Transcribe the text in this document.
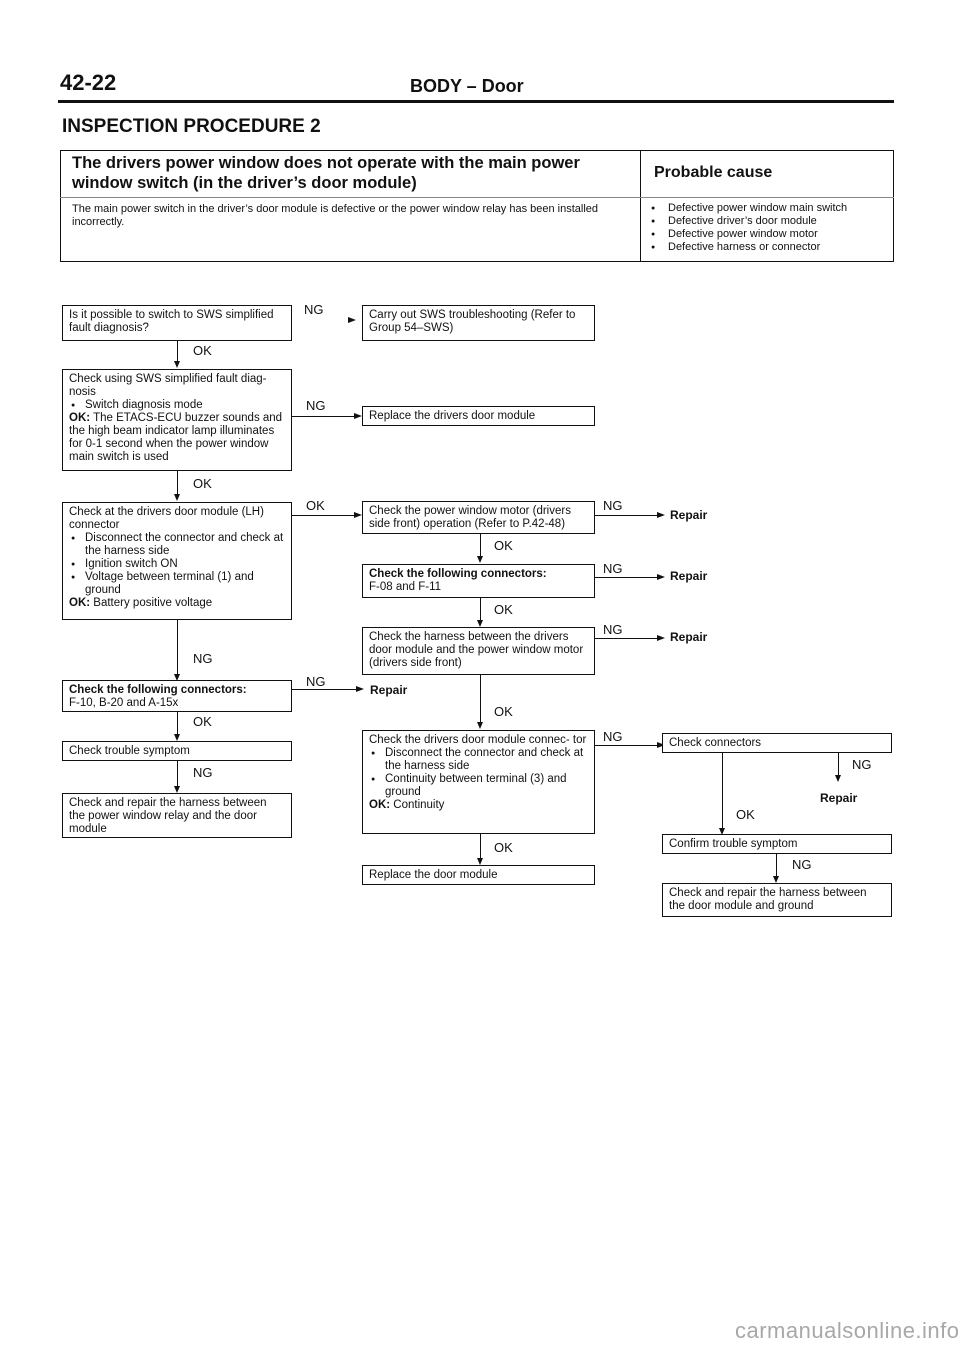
42-22	BODY – Door
INSPECTION PROCEDURE 2
The drivers power window does not operate with the main power window switch (in the driver’s door module)
Probable cause
The main power switch in the driver’s door module is defective or the power window relay has been installed incorrectly.
● Defective power window main switch
● Defective driver’s door module
● Defective power window motor
● Defective harness or connector
Is it possible to switch to SWS simplified fault diagnosis?
NG
OK
Check using SWS simplified fault diag-
nosis
● Switch diagnosis mode
OK: The ETACS-ECU buzzer sounds and the high beam indicator lamp illuminates for 0-1 second when the power window main switch is used
NG
OK
Check at the drivers door module (LH)
connector
● Disconnect the connector and check at the harness side
● Ignition switch ON
● Voltage between terminal (1) and ground
OK: Battery positive voltage
OK
NG
Check the following connectors:
F-10, B-20 and A-15x
NG
Repair
OK
Check trouble symptom
NG
Check and repair the harness between the power window relay and the door module
Carry out SWS troubleshooting (Refer to Group 54–SWS)
Replace the drivers door module
Check the power window motor (drivers side front) operation (Refer to P.42-48)
NG
Repair
OK
Check the following connectors:
F-08 and F-11
NG	Repair
OK
Check the harness between the drivers door module and the power window motor (drivers side front)
NG	Repair
OK
Check the drivers door module connec- tor
● Disconnect the connector and check at the harness side
● Continuity between terminal (3) and ground
OK: Continuity
NG
OK
Replace the door module
Check connectors
NG
Repair
OK
Confirm trouble symptom
NG
Check and repair the harness between the door module and ground
carmanualsonline.info
